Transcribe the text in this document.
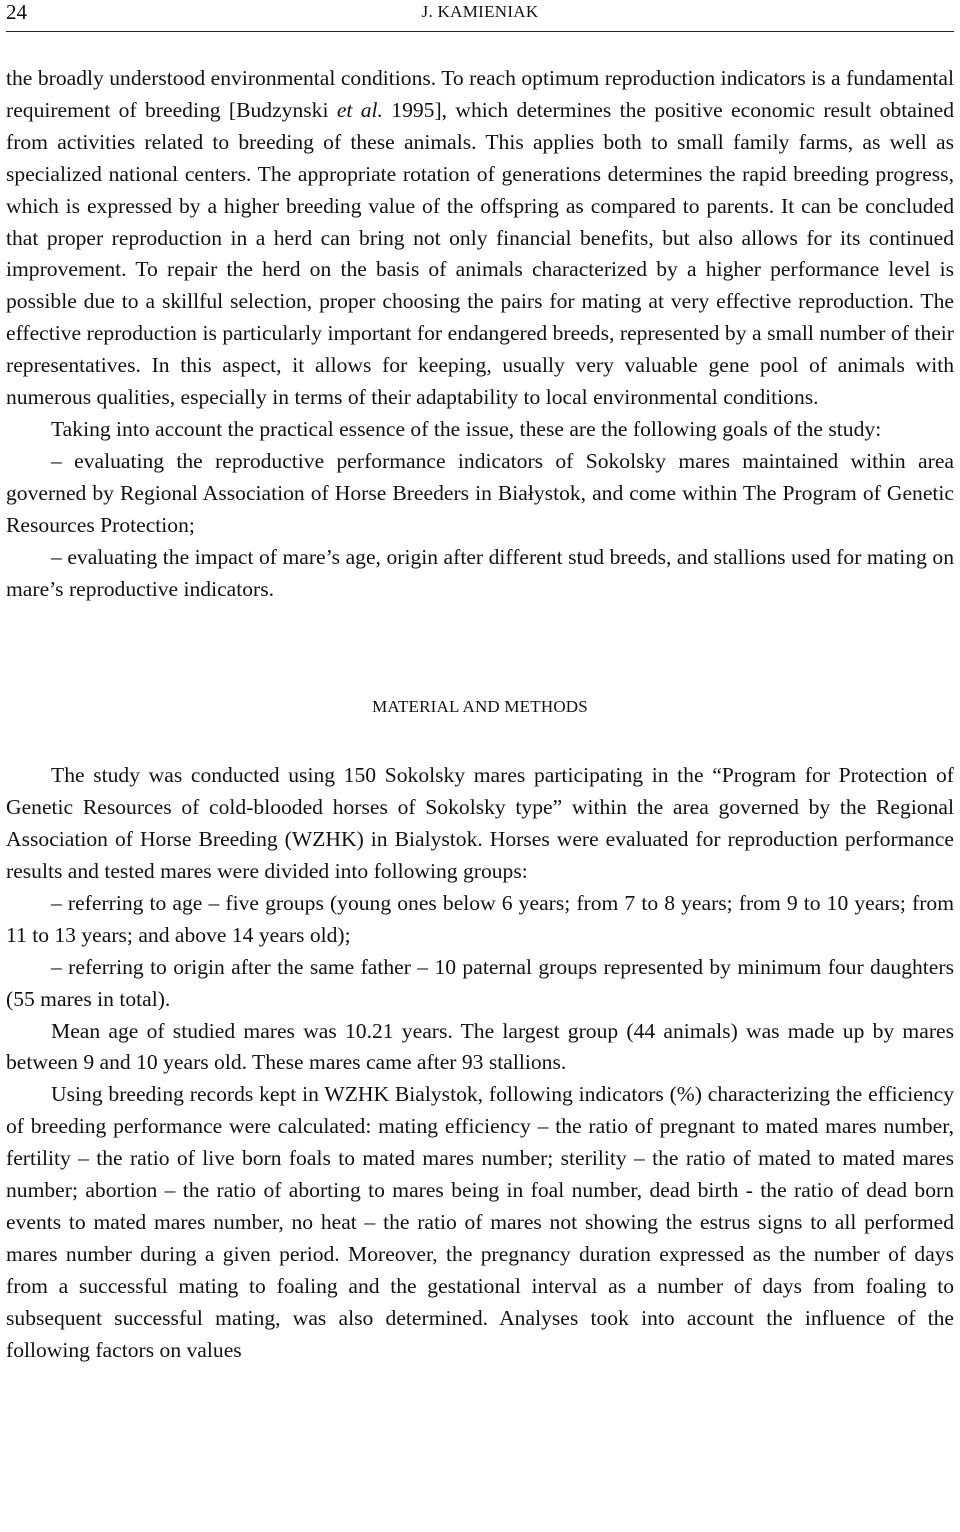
24	J. KAMIENIAK

the broadly understood environmental conditions. To reach optimum reproduction indicators is a fundamental requirement of breeding [Budzynski et al. 1995], which determines the positive economic result obtained from activities related to breeding of these animals. This applies both to small family farms, as well as specialized national centers. The appropriate rotation of generations determines the rapid breeding progress, which is expressed by a higher breeding value of the offspring as compared to parents. It can be concluded that proper reproduction in a herd can bring not only financial benefits, but also allows for its continued improvement. To repair the herd on the basis of animals characterized by a higher performance level is possible due to a skillful selection, proper choosing the pairs for mating at very effective reproduction. The effective reproduction is particularly important for endangered breeds, represented by a small number of their representatives. In this aspect, it allows for keeping, usually very valuable gene pool of animals with numerous qualities, especially in terms of their adaptability to local environmental conditions.

Taking into account the practical essence of the issue, these are the following goals of the study:

– evaluating the reproductive performance indicators of Sokolsky mares maintained within area governed by Regional Association of Horse Breeders in Białystok, and come within The Program of Genetic Resources Protection;

– evaluating the impact of mare’s age, origin after different stud breeds, and stallions used for mating on mare’s reproductive indicators.

MATERIAL AND METHODS

The study was conducted using 150 Sokolsky mares participating in the “Program for Protection of Genetic Resources of cold-blooded horses of Sokolsky type” within the area governed by the Regional Association of Horse Breeding (WZHK) in Bialystok. Horses were evaluated for reproduction performance results and tested mares were divided into following groups:

– referring to age – five groups (young ones below 6 years; from 7 to 8 years; from 9 to 10 years; from 11 to 13 years; and above 14 years old);

– referring to origin after the same father – 10 paternal groups represented by minimum four daughters (55 mares in total).

Mean age of studied mares was 10.21 years. The largest group (44 animals) was made up by mares between 9 and 10 years old. These mares came after 93 stallions.

Using breeding records kept in WZHK Bialystok, following indicators (%) characterizing the efficiency of breeding performance were calculated: mating efficiency – the ratio of pregnant to mated mares number, fertility – the ratio of live born foals to mated mares number; sterility – the ratio of mated to mated mares number; abortion – the ratio of aborting to mares being in foal number, dead birth - the ratio of dead born events to mated mares number, no heat – the ratio of mares not showing the estrus signs to all performed mares number during a given period. Moreover, the pregnancy duration expressed as the number of days from a successful mating to foaling and the gestational interval as a number of days from foaling to subsequent successful mating, was also determined. Analyses took into account the influence of the following factors on values
